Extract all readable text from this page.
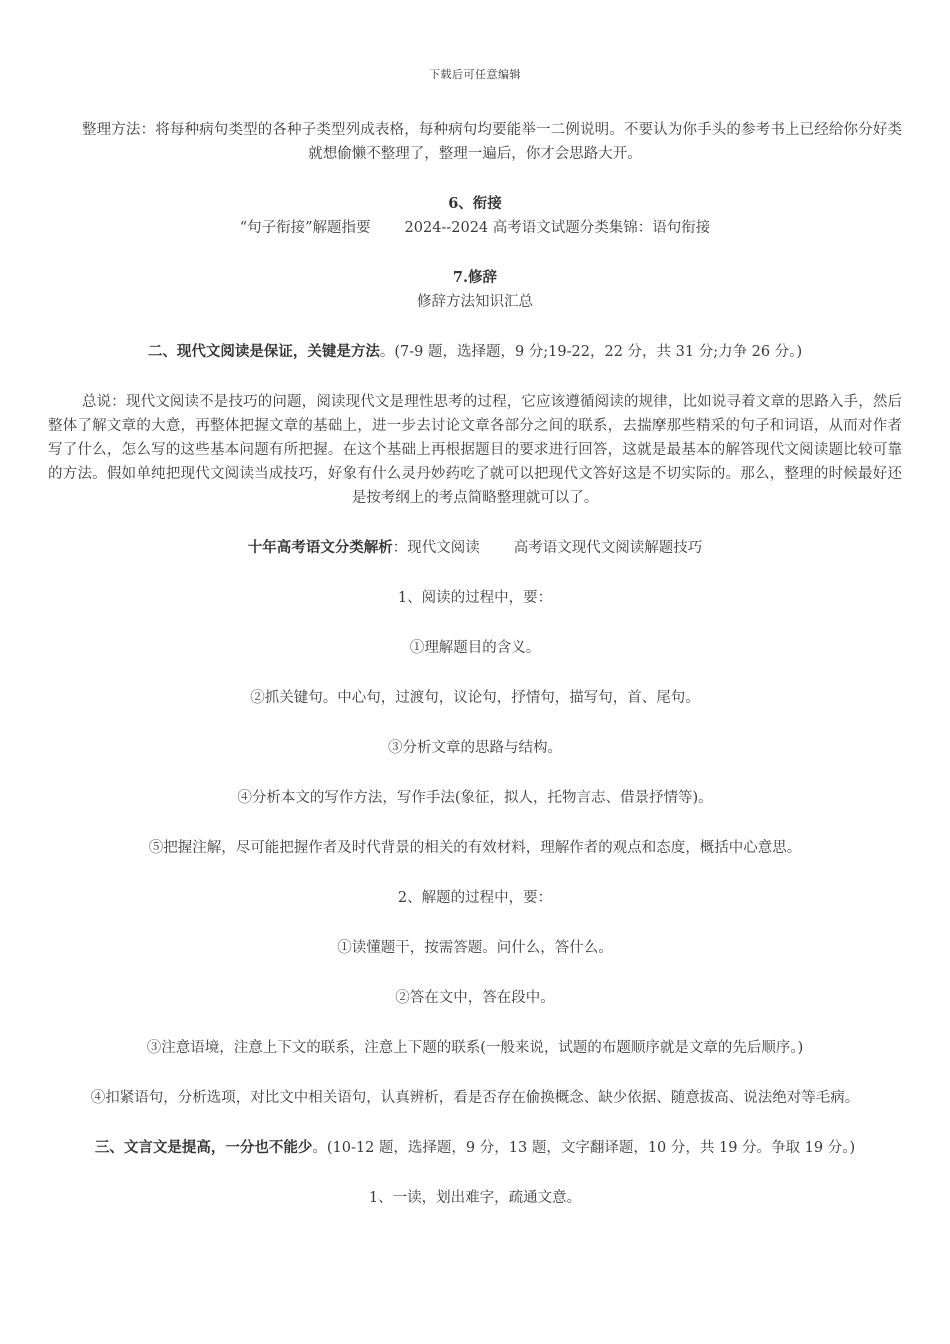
下载后可任意编辑

整理方法：将每种病句类型的各种子类型列成表格，每种病句均要能举一二例说明。不要认为你手头的参考书上已经给你分好类就想偷懒不整理了，整理一遍后，你才会思路大开。

6、衔接

“句子衔接”解题指要 2024--2024 高考语文试题分类集锦：语句衔接

7.修辞

修辞方法知识汇总

二、现代文阅读是保证，关键是方法。(7-9 题，选择题，9 分;19-22，22 分，共 31 分;力争 26 分。)

总说：现代文阅读不是技巧的问题，阅读现代文是理性思考的过程，它应该遵循阅读的规律，比如说寻着文章的思路入手，然后整体了解文章的大意，再整体把握文章的基础上，进一步去讨论文章各部分之间的联系，去揣摩那些精采的句子和词语，从而对作者写了什么，怎么写的这些基本问题有所把握。在这个基础上再根据题目的要求进行回答，这就是最基本的解答现代文阅读题比较可靠的方法。假如单纯把现代文阅读当成技巧，好象有什么灵丹妙药吃了就可以把现代文答好这是不切实际的。那么，整理的时候最好还是按考纲上的考点简略整理就可以了。

十年高考语文分类解析：现代文阅读 高考语文现代文阅读解题技巧

1、阅读的过程中，要：

①理解题目的含义。

②抓关键句。中心句，过渡句，议论句，抒情句，描写句，首、尾句。

③分析文章的思路与结构。

④分析本文的写作方法，写作手法(象征，拟人，托物言志、借景抒情等)。

⑤把握注解，尽可能把握作者及时代背景的相关的有效材料，理解作者的观点和态度，概括中心意思。

2、解题的过程中，要：

①读懂题干，按需答题。问什么，答什么。

②答在文中，答在段中。

③注意语境，注意上下文的联系，注意上下题的联系(一般来说，试题的布题顺序就是文章的先后顺序。)

④扣紧语句，分析选项，对比文中相关语句，认真辨析，看是否存在偷换概念、缺少依据、随意拔高、说法绝对等毛病。

三、文言文是提高，一分也不能少。(10-12 题，选择题，9 分，13 题，文字翻译题，10 分，共 19 分。争取 19 分。)

1、一读，划出难字，疏通文意。
